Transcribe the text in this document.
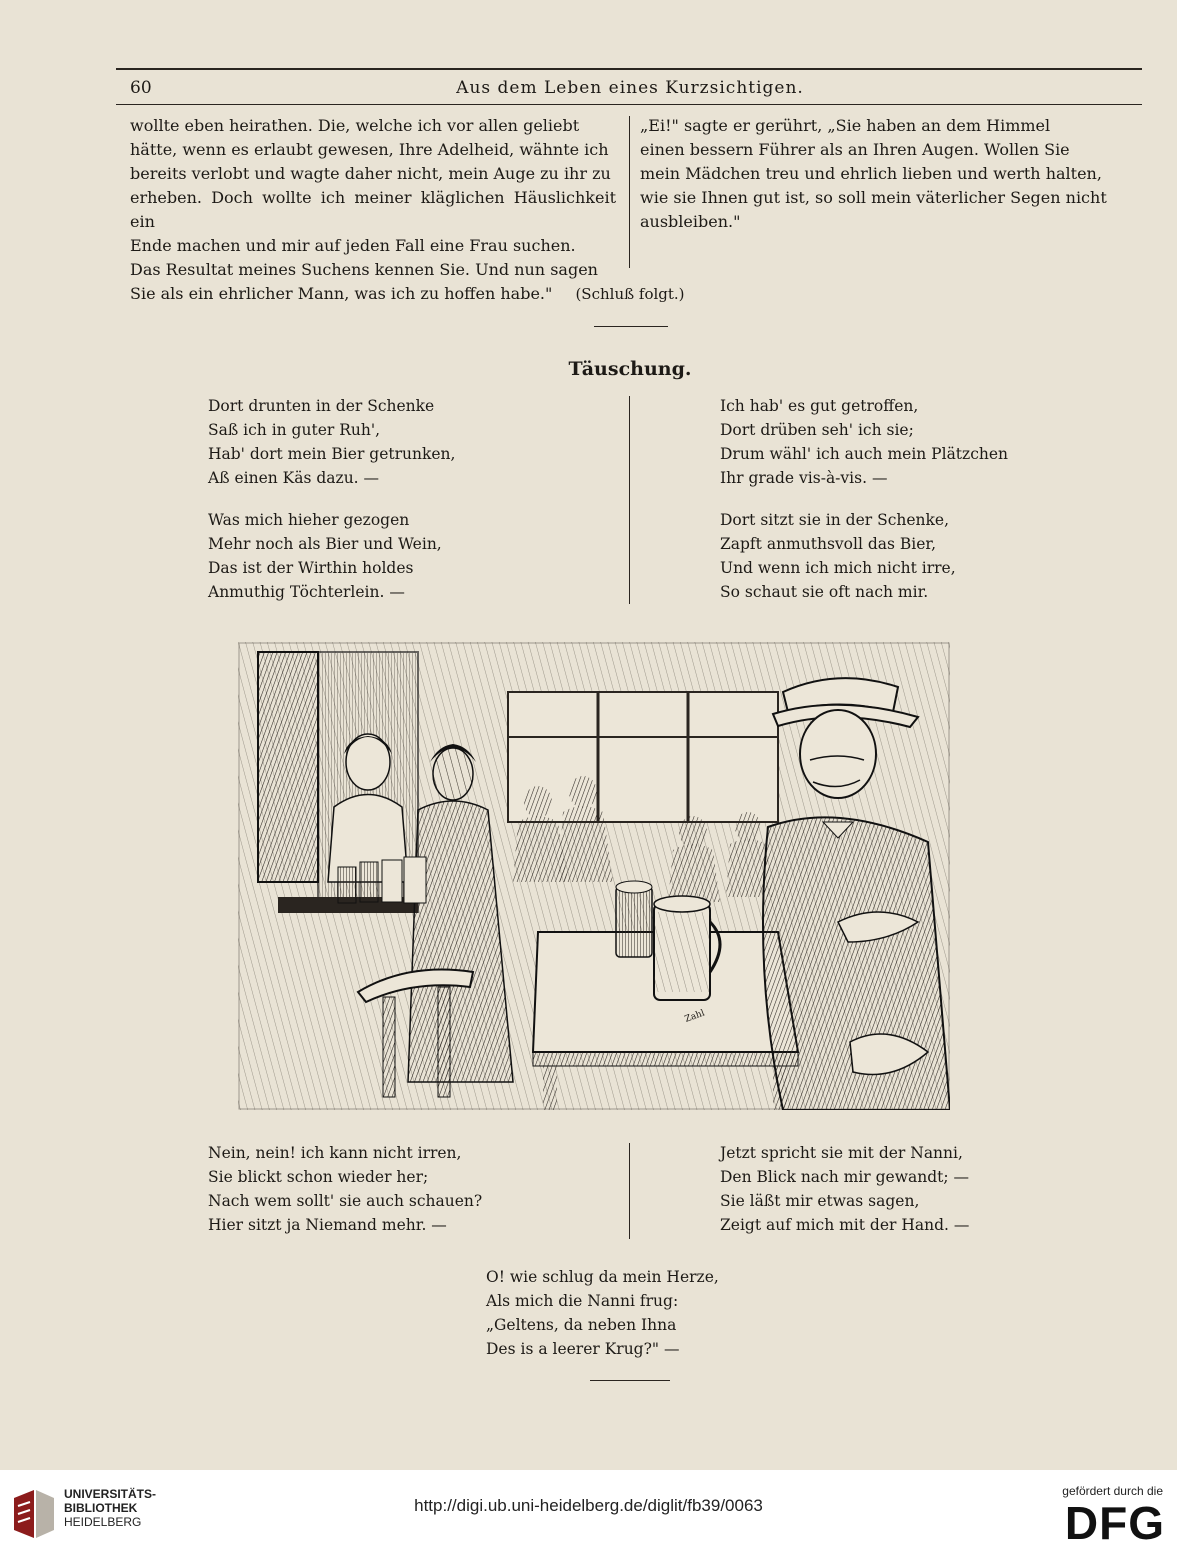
60	Aus dem Leben eines Kurzsichtigen.
wollte eben heirathen. Die, welche ich vor allen geliebt
hätte, wenn es erlaubt gewesen, Ihre Adelheid, wähnte ich
bereits verlobt und wagte daher nicht, mein Auge zu ihr zu
erheben. Doch wollte ich meiner kläglichen Häuslichkeit ein
Ende machen und mir auf jeden Fall eine Frau suchen.
Das Resultat meines Suchens kennen Sie. Und nun sagen
Sie als ein ehrlicher Mann, was ich zu hoffen habe."
„Ei!" sagte er gerührt, „Sie haben an dem Himmel
einen bessern Führer als an Ihren Augen. Wollen Sie
mein Mädchen treu und ehrlich lieben und werth halten,
wie sie Ihnen gut ist, so soll mein väterlicher Segen nicht
ausbleiben."
(Schluß folgt.)
Täuschung.
Dort drunten in der Schenke
Saß ich in guter Ruh',
Hab' dort mein Bier getrunken,
Aß einen Käs dazu. —
Was mich hieher gezogen
Mehr noch als Bier und Wein,
Das ist der Wirthin holdes
Anmuthig Töchterlein. —
Ich hab' es gut getroffen,
Dort drüben seh' ich sie;
Drum wähl' ich auch mein Plätzchen
Ihr grade vis-à-vis. —
Dort sitzt sie in der Schenke,
Zapft anmuthsvoll das Bier,
Und wenn ich mich nicht irre,
So schaut sie oft nach mir.
Zahl
Nein, nein! ich kann nicht irren,
Sie blickt schon wieder her;
Nach wem sollt' sie auch schauen?
Hier sitzt ja Niemand mehr. —
Jetzt spricht sie mit der Nanni,
Den Blick nach mir gewandt; —
Sie läßt mir etwas sagen,
Zeigt auf mich mit der Hand. —
O! wie schlug da mein Herze,
Als mich die Nanni frug:
„Geltens, da neben Ihna
Des is a leerer Krug?" —
UNIVERSITÄTS-
BIBLIOTHEK
HEIDELBERG
http://digi.ub.uni-heidelberg.de/diglit/fb39/0063
gefördert durch die
DFG
